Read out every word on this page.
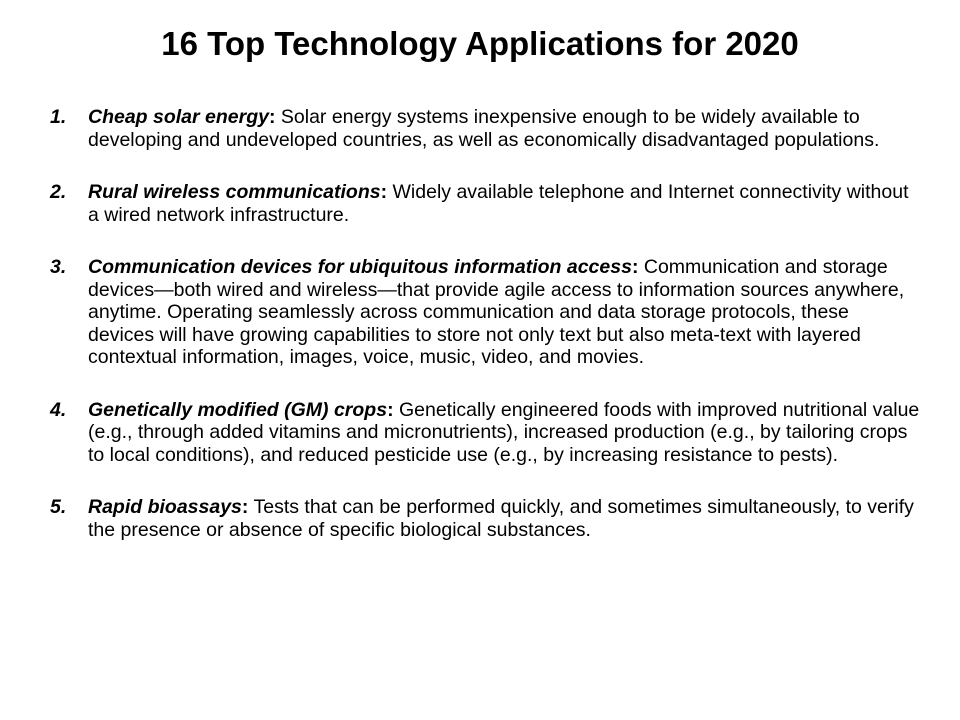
16 Top Technology Applications for 2020
1. Cheap solar energy: Solar energy systems inexpensive enough to be widely available to developing and undeveloped countries, as well as economically disadvantaged populations.
2. Rural wireless communications: Widely available telephone and Internet connectivity without a wired network infrastructure.
3. Communication devices for ubiquitous information access: Communication and storage devices—both wired and wireless—that provide agile access to information sources anywhere, anytime. Operating seamlessly across communication and data storage protocols, these devices will have growing capabilities to store not only text but also meta-text with layered contextual information, images, voice, music, video, and movies.
4. Genetically modified (GM) crops: Genetically engineered foods with improved nutritional value (e.g., through added vitamins and micronutrients), increased production (e.g., by tailoring crops to local conditions), and reduced pesticide use (e.g., by increasing resistance to pests).
5. Rapid bioassays: Tests that can be performed quickly, and sometimes simultaneously, to verify the presence or absence of specific biological substances.
